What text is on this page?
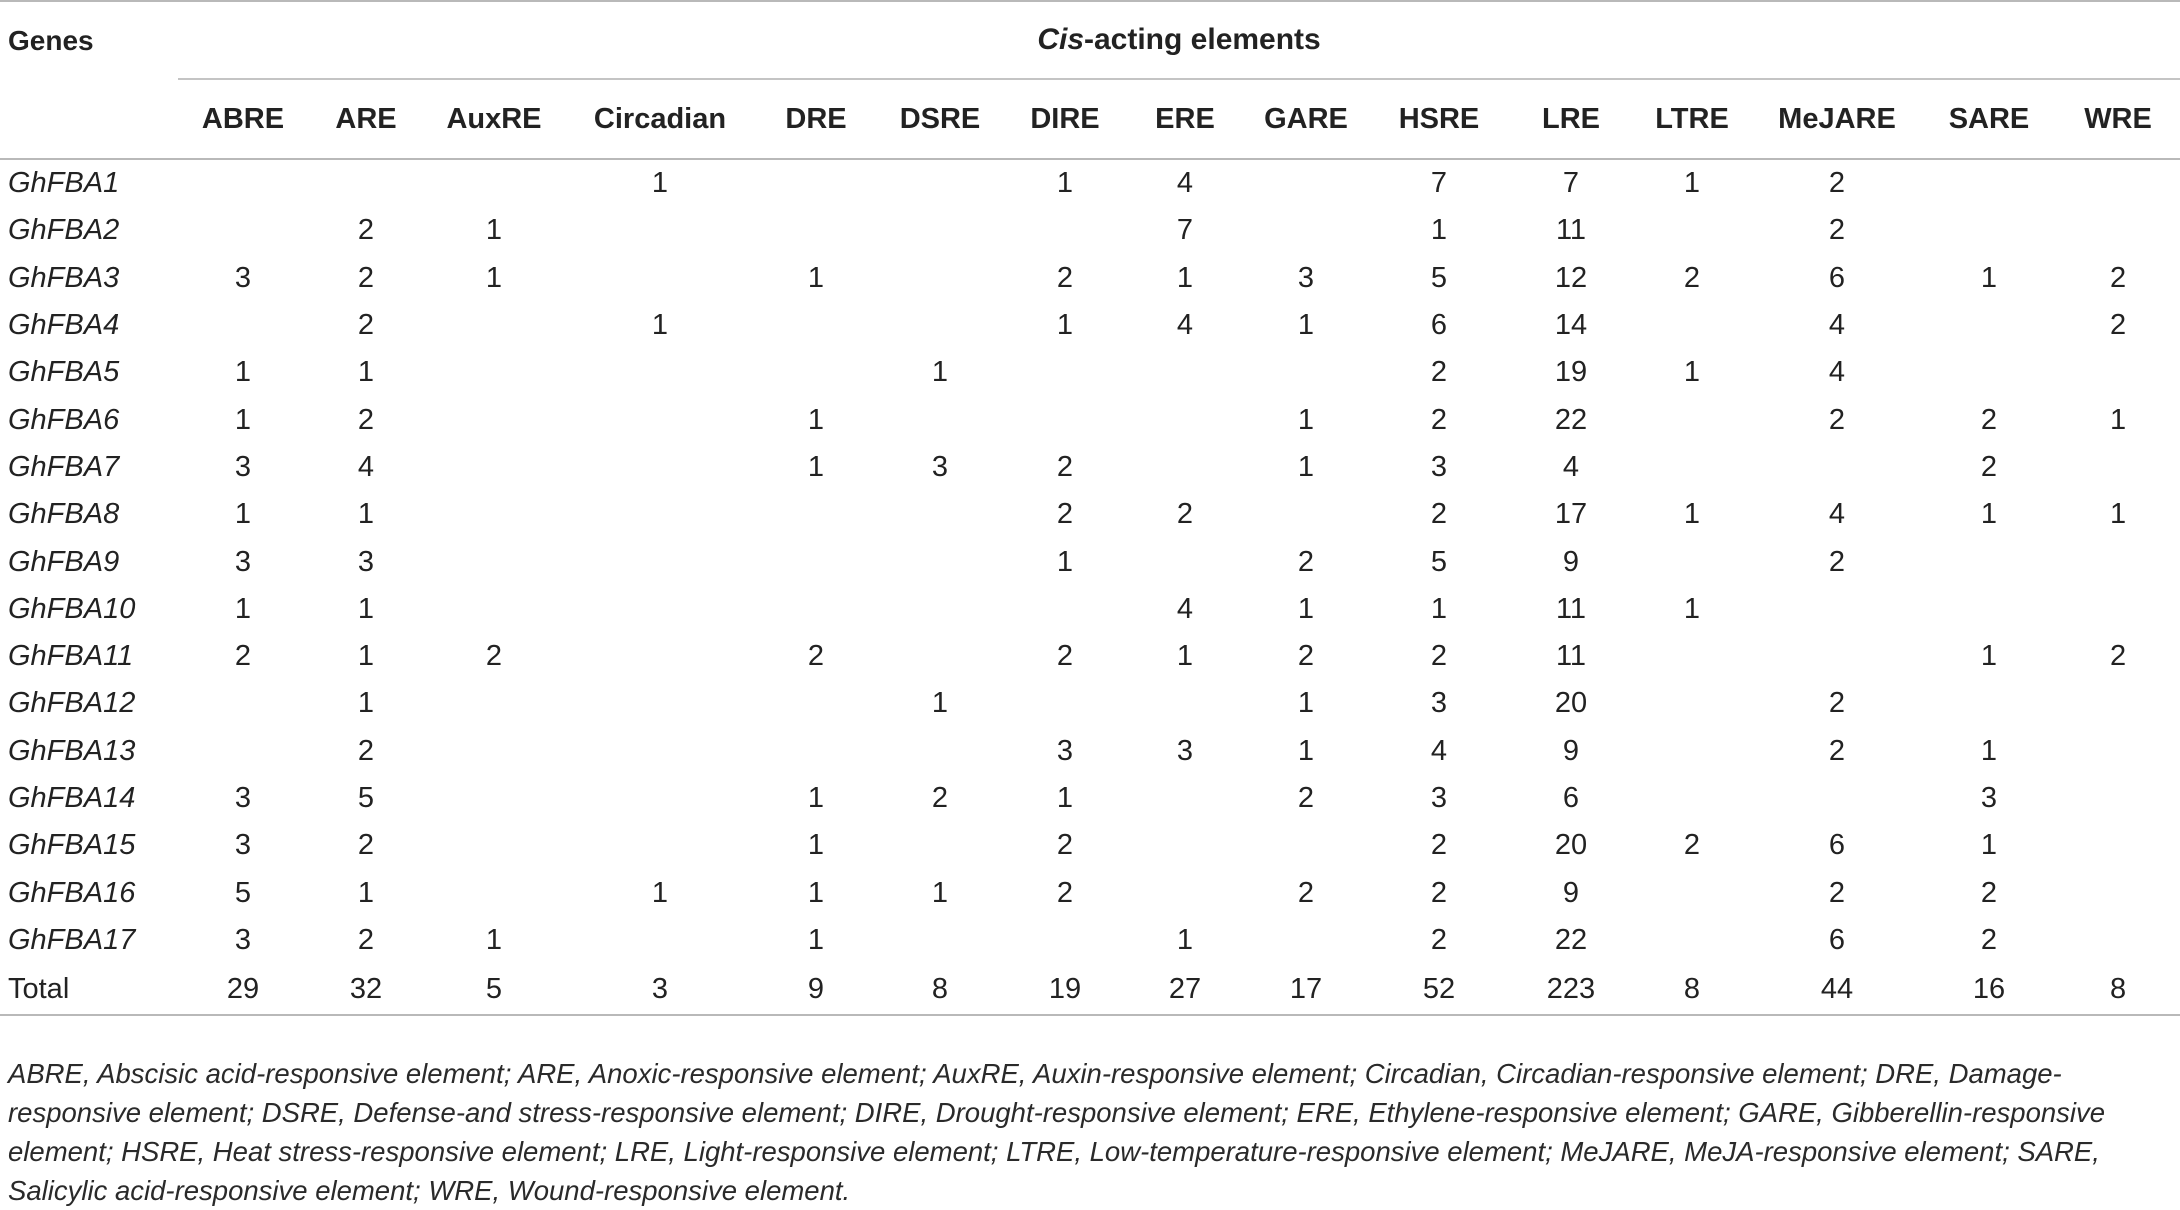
Genes	Cis-acting elements														
	ABRE	ARE	AuxRE	Circadian	DRE	DSRE	DIRE	ERE	GARE	HSRE	LRE	LTRE	MeJARE	SARE	WRE
GhFBA1				1			1	4		7	7	1	2		
GhFBA2		2	1					7		1	11		2		
GhFBA3	3	2	1		1		2	1	3	5	12	2	6	1	2
GhFBA4		2		1			1	4	1	6	14		4		2
GhFBA5	1	1				1				2	19	1	4		
GhFBA6	1	2			1				1	2	22		2	2	1
GhFBA7	3	4			1	3	2		1	3	4			2	
GhFBA8	1	1					2	2		2	17	1	4	1	1
GhFBA9	3	3					1		2	5	9		2		
GhFBA10	1	1						4	1	1	11	1			
GhFBA11	2	1	2		2		2	1	2	2	11			1	2
GhFBA12		1				1			1	3	20		2		
GhFBA13		2					3	3	1	4	9		2	1	
GhFBA14	3	5			1	2	1		2	3	6			3	
GhFBA15	3	2			1		2			2	20	2	6	1	
GhFBA16	5	1		1	1	1	2		2	2	9		2	2	
GhFBA17	3	2	1		1			1		2	22		6	2	
Total	29	32	5	3	9	8	19	27	17	52	223	8	44	16	8
ABRE, Abscisic acid-responsive element; ARE, Anoxic-responsive element; AuxRE, Auxin-responsive element; Circadian, Circadian-responsive element; DRE, Damage-responsive element; DSRE, Defense-and stress-responsive element; DIRE, Drought-responsive element; ERE, Ethylene-responsive element; GARE, Gibberellin-responsive element; HSRE, Heat stress-responsive element; LRE, Light-responsive element; LTRE, Low-temperature-responsive element; MeJARE, MeJA-responsive element; SARE, Salicylic acid-responsive element; WRE, Wound-responsive element.
